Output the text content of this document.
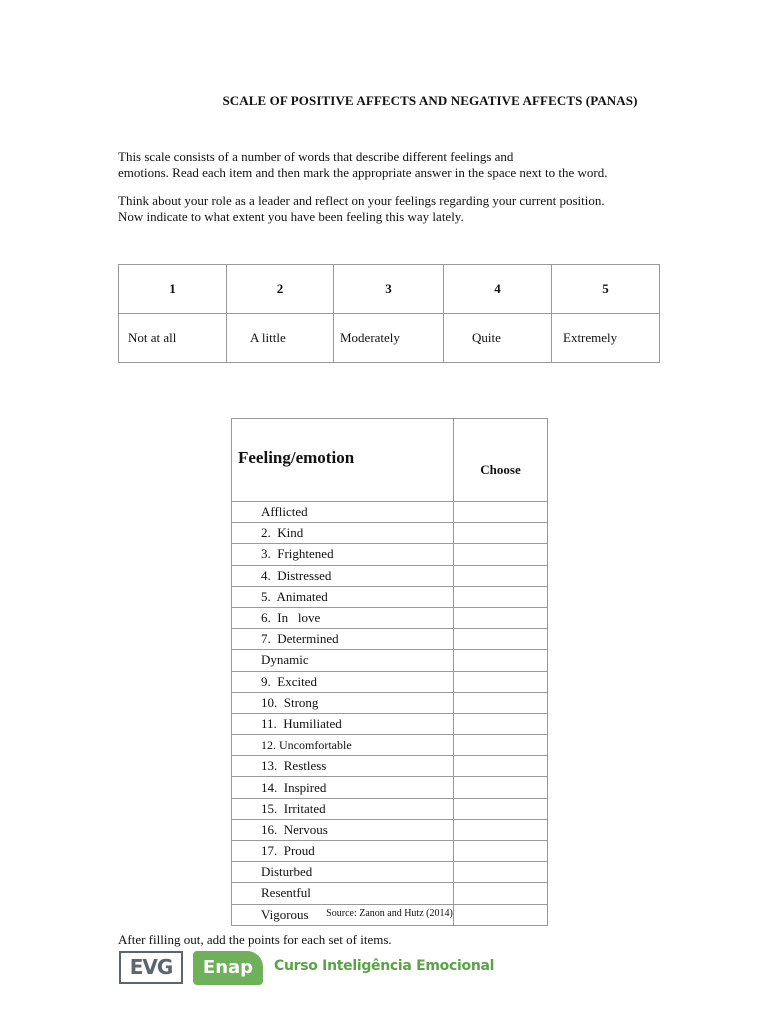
SCALE OF POSITIVE AFFECTS AND NEGATIVE AFFECTS (PANAS)
This scale consists of a number of words that describe different feelings and
emotions. Read each item and then mark the appropriate answer in the space next to the word.
Think about your role as a leader and reflect on your feelings regarding your current position.
Now indicate to what extent you have been feeling this way lately.
1	2	3	4	5
Not at all	A little	Moderately	Quite	Extremely
Feeling/emotion	Choose
Afflicted	
2.  Kind	
3.  Frightened	
4.  Distressed	
5.  Animated	
6.  In   love	
7.  Determined	
Dynamic	
9.  Excited	
10.  Strong	
11.  Humiliated	
12. Uncomfortable	
13.  Restless	
14.  Inspired	
15.  Irritated	
16.  Nervous	
17.  Proud	
Disturbed	
Resentful	
Vigorous		Source: Zanon and Hutz (2014)
After filling out, add the points for each set of items.
EVG	Enap	Curso Inteligência Emocional
